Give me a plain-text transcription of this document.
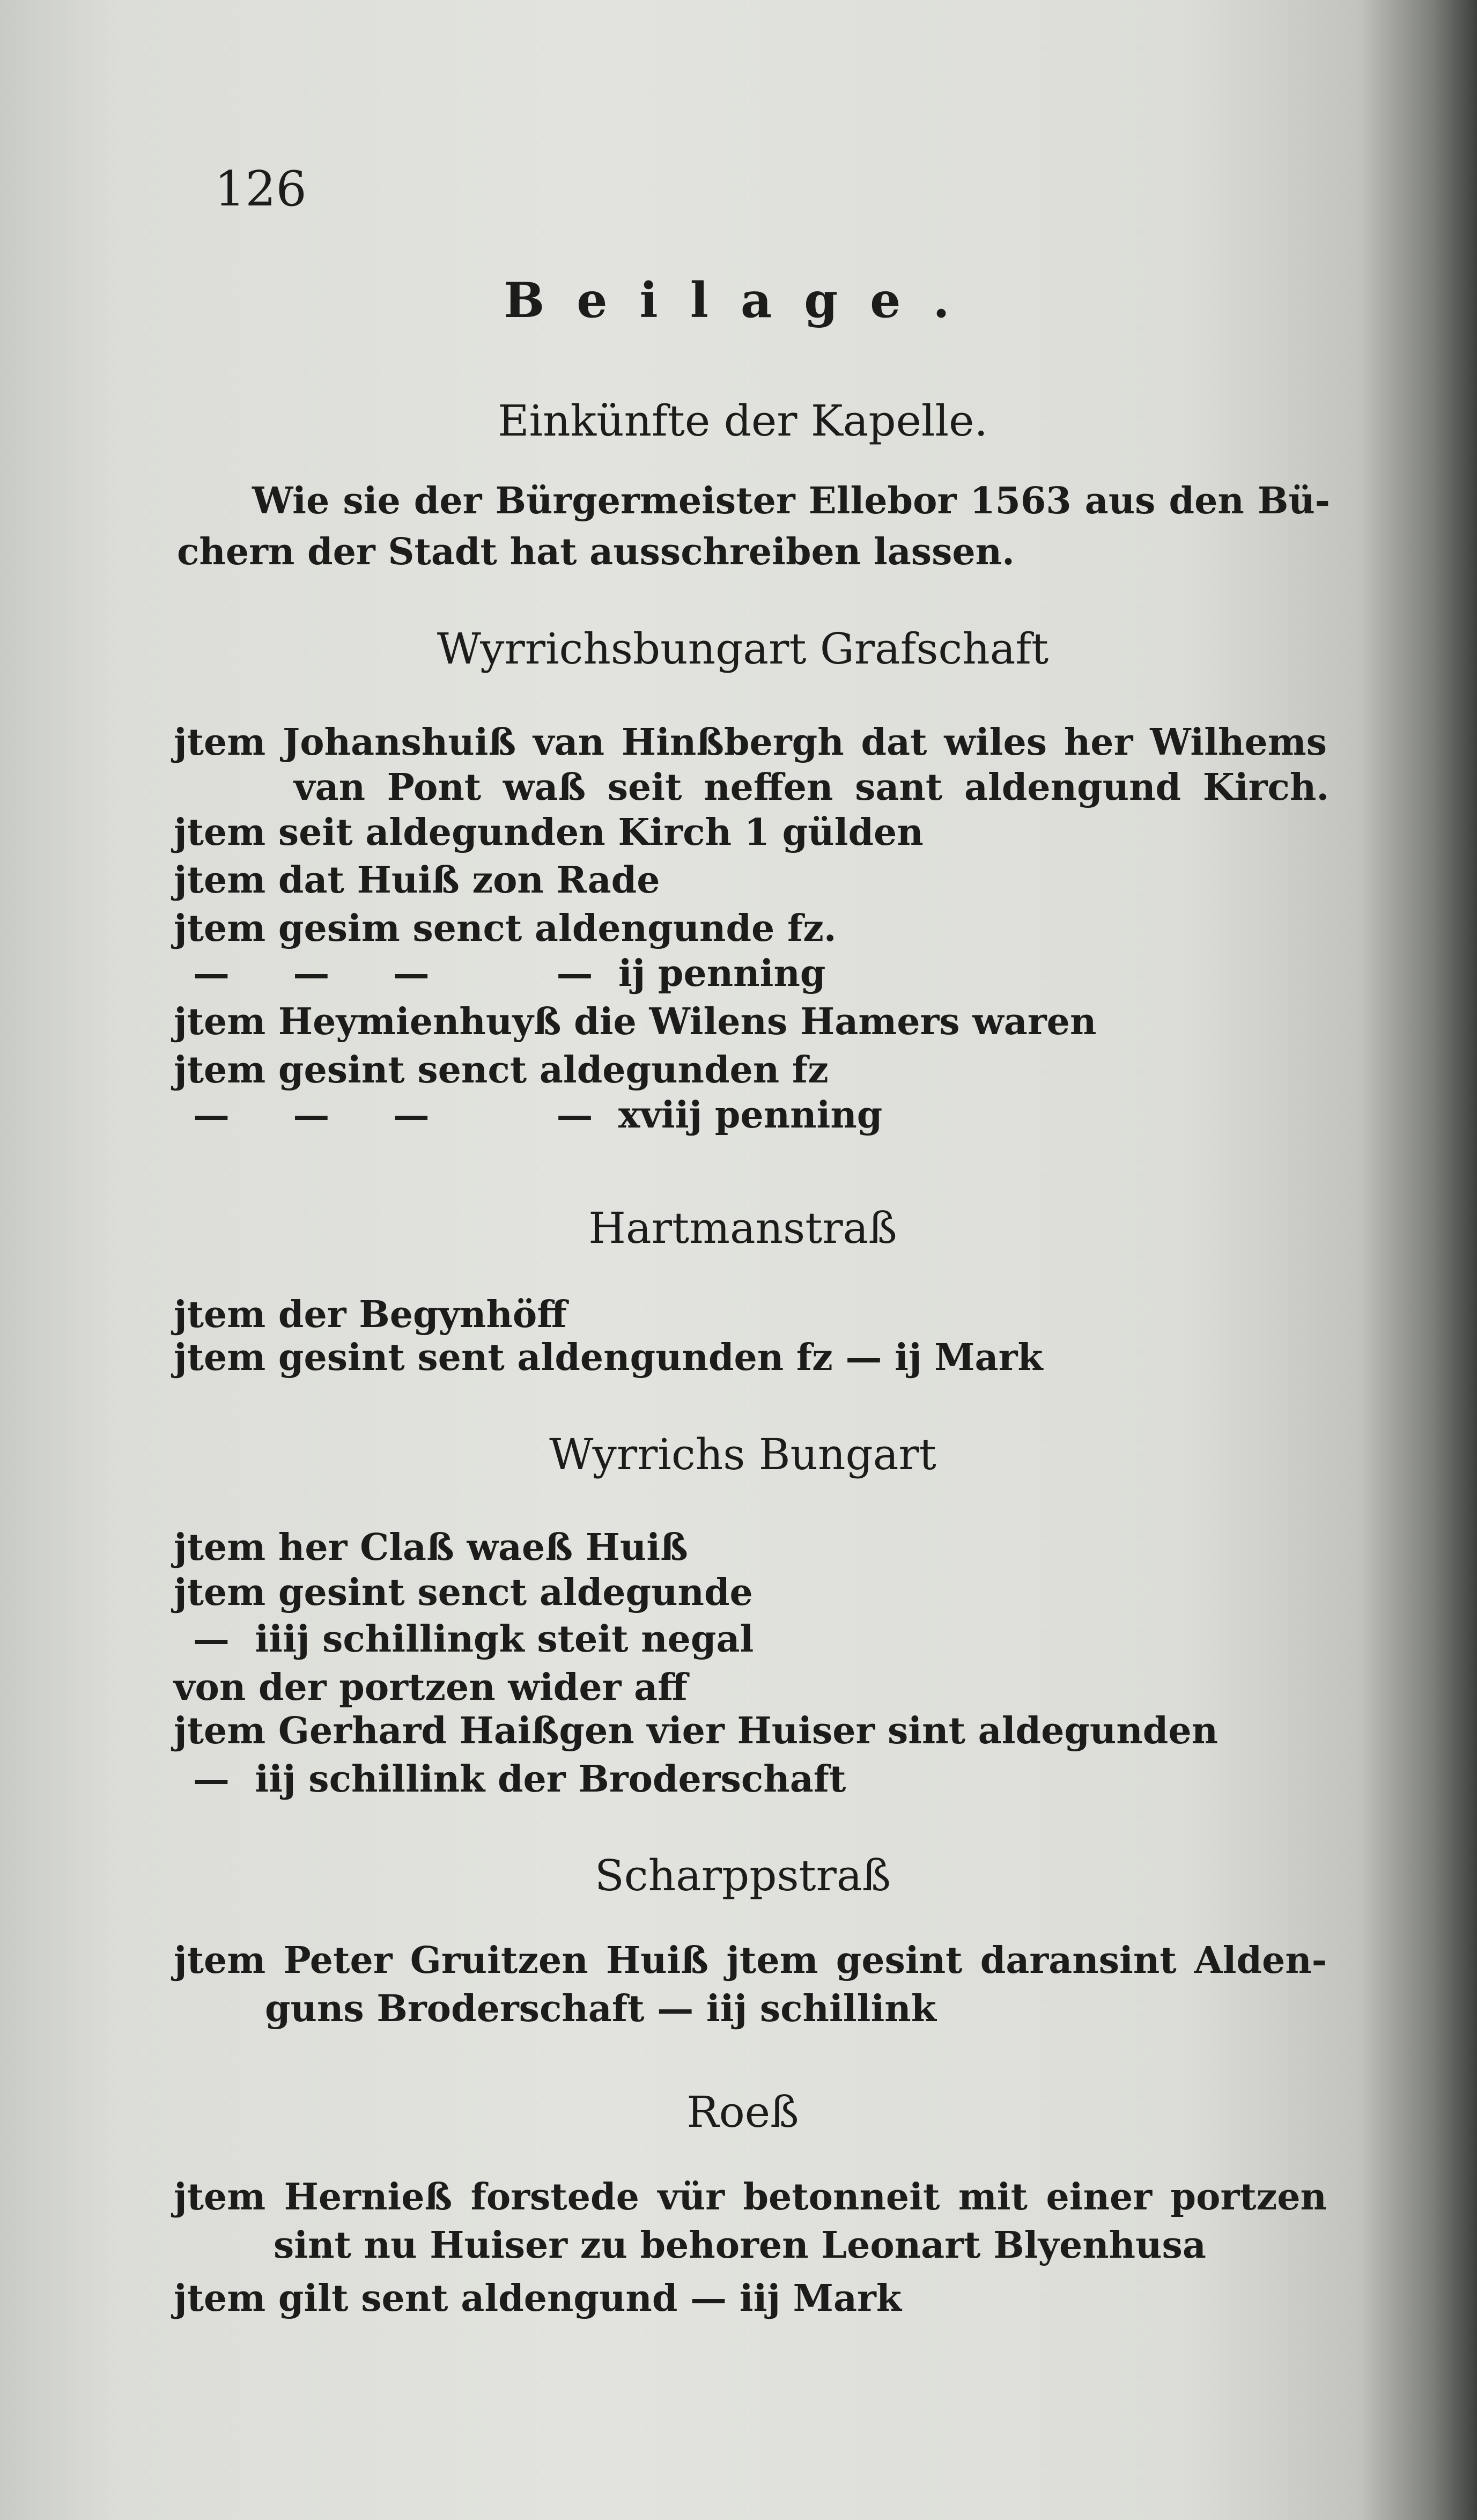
126
Beilage.
Einkünfte der Kapelle.
Wie sie der Bürgermeister Ellebor 1563 aus den Bü-
chern der Stadt hat ausschreiben lassen.
Wyrrichsbungart Grafschaft
jtem Johanshuiß van Hinßbergh dat wiles her Wilhems
van Pont waß seit neffen sant aldengund Kirch.
jtem seit aldegunden Kirch 1 gülden
jtem dat Huiß zon Rade
jtem gesim senct aldengunde fz.
—     —     —          —  ij penning
jtem Heymienhuyß die Wilens Hamers waren
jtem gesint senct aldegunden fz
—     —     —          —  xviij penning
Hartmanstraß
jtem der Begynhöff
jtem gesint sent aldengunden fz — ij Mark
Wyrrichs Bungart
jtem her Claß waeß Huiß
jtem gesint senct aldegunde
—  iiij schillingk steit negal
von der portzen wider aff
jtem Gerhard Haißgen vier Huiser sint aldegunden
—  iij schillink der Broderschaft
Scharppstraß
jtem Peter Gruitzen Huiß jtem gesint daransint Alden-
guns Broderschaft — iij schillink
Roeß
jtem Hernieß forstede vür betonneit mit einer portzen
sint nu Huiser zu behoren Leonart Blyenhusa
jtem gilt sent aldengund — iij Mark
